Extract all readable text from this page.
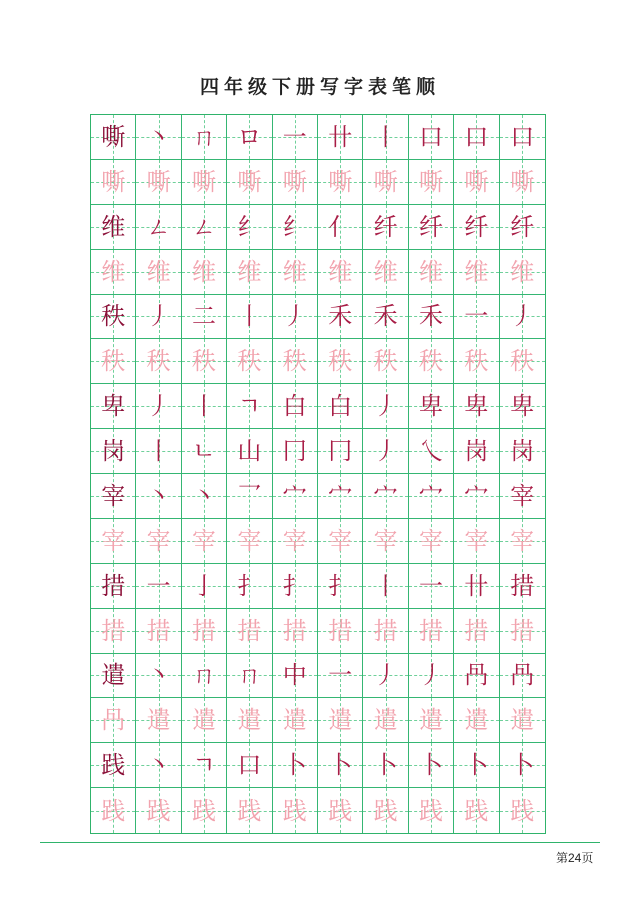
四年级下册写字表笔顺
嘶 丶 ㄇ ロ 一 卄 丨 口 口 口
嘶 嘶 嘶 嘶 嘶 嘶 嘶 嘶 嘶 嘶
维 ㄥ ㄥ 纟 纟 亻 纤 纤 纤 纤
维 维 维 维 维 维 维 维 维 维
秩 丿 二 丨 丿 禾 禾 禾 一 丿
秩 秩 秩 秩 秩 秩 秩 秩 秩 秩
卑 丿 丨 ㄱ 白 白 丿 卑 卑 卑
岗 丨 ㄴ 山 冂 冂 丿 乀 岗 岗
宰 丶 丶 乛 宀 宀 宀 宀 宀 宰
宰 宰 宰 宰 宰 宰 宰 宰 宰 宰
措 一 亅 扌 扌 扌 丨 一 卄 措
措 措 措 措 措 措 措 措 措 措
遣 丶 ㄇ ㄇ 中 一 丿 丿 冎 冎
冎 遣 遣 遣 遣 遣 遣 遣 遣 遣
践 丶 ㄱ 口 卜 卜 卜 卜 卜 卜
践 践 践 践 践 践 践 践 践 践
第24页
